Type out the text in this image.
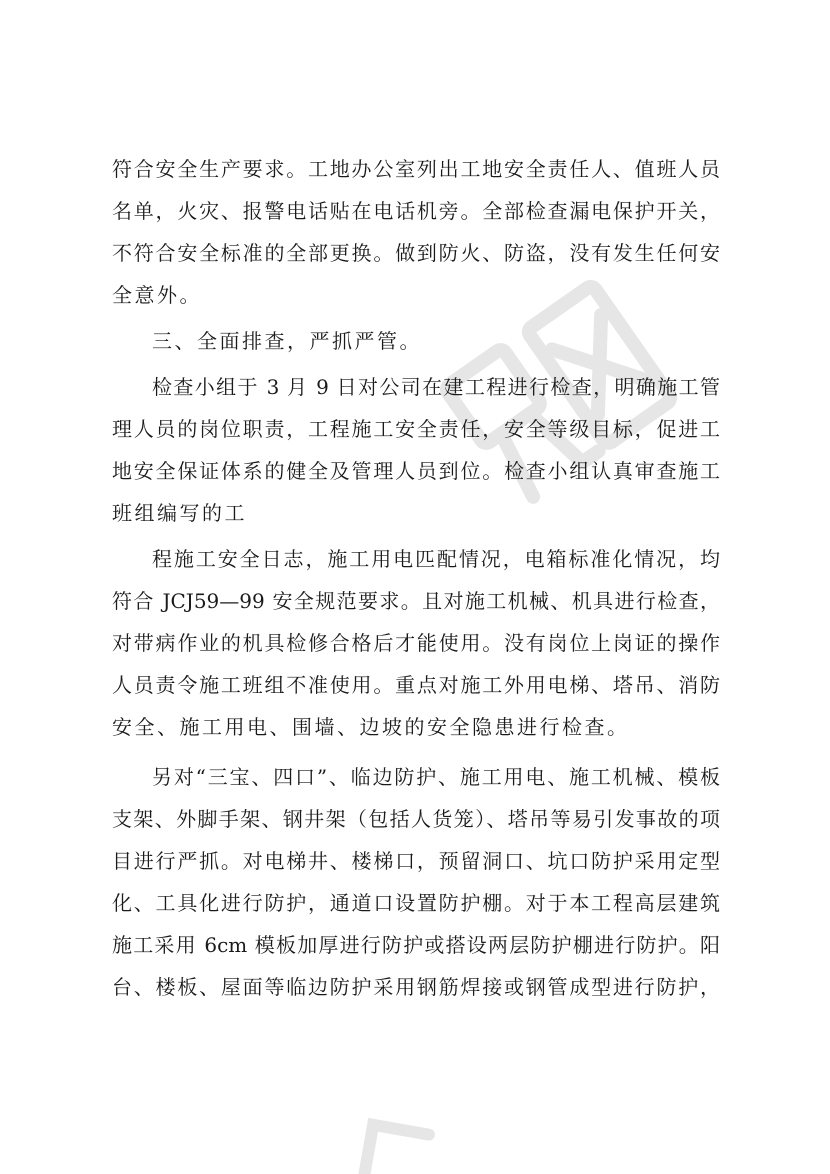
符合安全生产要求。工地办公室列出工地安全责任人、值班人员
名单，火灾、报警电话贴在电话机旁。全部检查漏电保护开关，
不符合安全标准的全部更换。做到防火、防盗，没有发生任何安
全意外。
三、全面排查，严抓严管。
检查小组于 3 月 9 日对公司在建工程进行检查，明确施工管
理人员的岗位职责，工程施工安全责任，安全等级目标，促进工
地安全保证体系的健全及管理人员到位。检查小组认真审查施工
班组编写的工
程施工安全日志，施工用电匹配情况，电箱标准化情况，均
符合 JCJ59—99 安全规范要求。且对施工机械、机具进行检查，
对带病作业的机具检修合格后才能使用。没有岗位上岗证的操作
人员责令施工班组不准使用。重点对施工外用电梯、塔吊、消防
安全、施工用电、围墙、边坡的安全隐患进行检查。
另对“三宝、四口”、临边防护、施工用电、施工机械、模板
支架、外脚手架、钢井架（包括人货笼）、塔吊等易引发事故的项
目进行严抓。对电梯井、楼梯口，预留洞口、坑口防护采用定型
化、工具化进行防护，通道口设置防护棚。对于本工程高层建筑
施工采用 6cm 模板加厚进行防护或搭设两层防护棚进行防护。阳
台、楼板、屋面等临边防护采用钢筋焊接或钢管成型进行防护，
